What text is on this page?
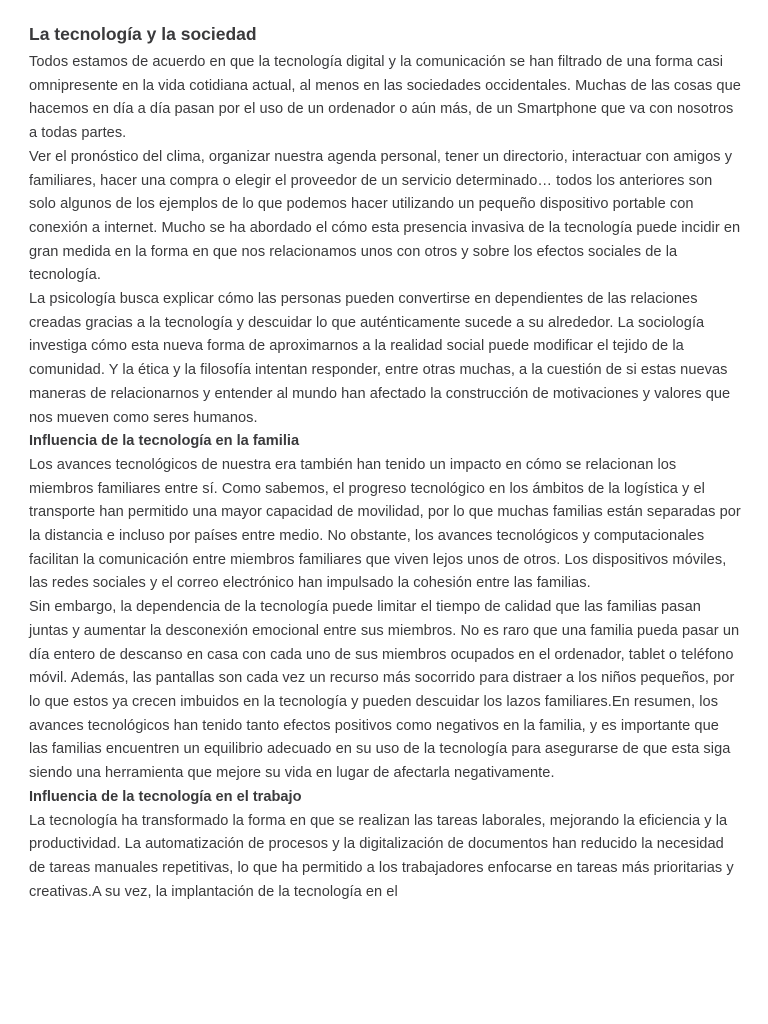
La tecnología y la sociedad

Todos estamos de acuerdo en que la tecnología digital y la comunicación se han filtrado de una forma casi omnipresente en la vida cotidiana actual, al menos en las sociedades occidentales. Muchas de las cosas que hacemos en día a día pasan por el uso de un ordenador o aún más, de un Smartphone que va con nosotros a todas partes.

Ver el pronóstico del clima, organizar nuestra agenda personal, tener un directorio, interactuar con amigos y familiares, hacer una compra o elegir el proveedor de un servicio determinado… todos los anteriores son solo algunos de los ejemplos de lo que podemos hacer utilizando un pequeño dispositivo portable con conexión a internet. Mucho se ha abordado el cómo esta presencia invasiva de la tecnología puede incidir en gran medida en la forma en que nos relacionamos unos con otros y sobre los efectos sociales de la tecnología.

La psicología busca explicar cómo las personas pueden convertirse en dependientes de las relaciones creadas gracias a la tecnología y descuidar lo que auténticamente sucede a su alrededor. La sociología investiga cómo esta nueva forma de aproximarnos a la realidad social puede modificar el tejido de la comunidad. Y la ética y la filosofía intentan responder, entre otras muchas, a la cuestión de si estas nuevas maneras de relacionarnos y entender al mundo han afectado la construcción de motivaciones y valores que nos mueven como seres humanos.

Influencia de la tecnología en la familia

Los avances tecnológicos de nuestra era también han tenido un impacto en cómo se relacionan los miembros familiares entre sí. Como sabemos, el progreso tecnológico en los ámbitos de la logística y el transporte han permitido una mayor capacidad de movilidad, por lo que muchas familias están separadas por la distancia e incluso por países entre medio. No obstante, los avances tecnológicos y computacionales facilitan la comunicación entre miembros familiares que viven lejos unos de otros. Los dispositivos móviles, las redes sociales y el correo electrónico han impulsado la cohesión entre las familias.

Sin embargo, la dependencia de la tecnología puede limitar el tiempo de calidad que las familias pasan juntas y aumentar la desconexión emocional entre sus miembros. No es raro que una familia pueda pasar un día entero de descanso en casa con cada uno de sus miembros ocupados en el ordenador, tablet o teléfono móvil. Además, las pantallas son cada vez un recurso más socorrido para distraer a los niños pequeños, por lo que estos ya crecen imbuidos en la tecnología y pueden descuidar los lazos familiares.En resumen, los avances tecnológicos han tenido tanto efectos positivos como negativos en la familia, y es importante que las familias encuentren un equilibrio adecuado en su uso de la tecnología para asegurarse de que esta siga siendo una herramienta que mejore su vida en lugar de afectarla negativamente.

Influencia de la tecnología en el trabajo

La tecnología ha transformado la forma en que se realizan las tareas laborales, mejorando la eficiencia y la productividad. La automatización de procesos y la digitalización de documentos han reducido la necesidad de tareas manuales repetitivas, lo que ha permitido a los trabajadores enfocarse en tareas más prioritarias y creativas.A su vez, la implantación de la tecnología en el
